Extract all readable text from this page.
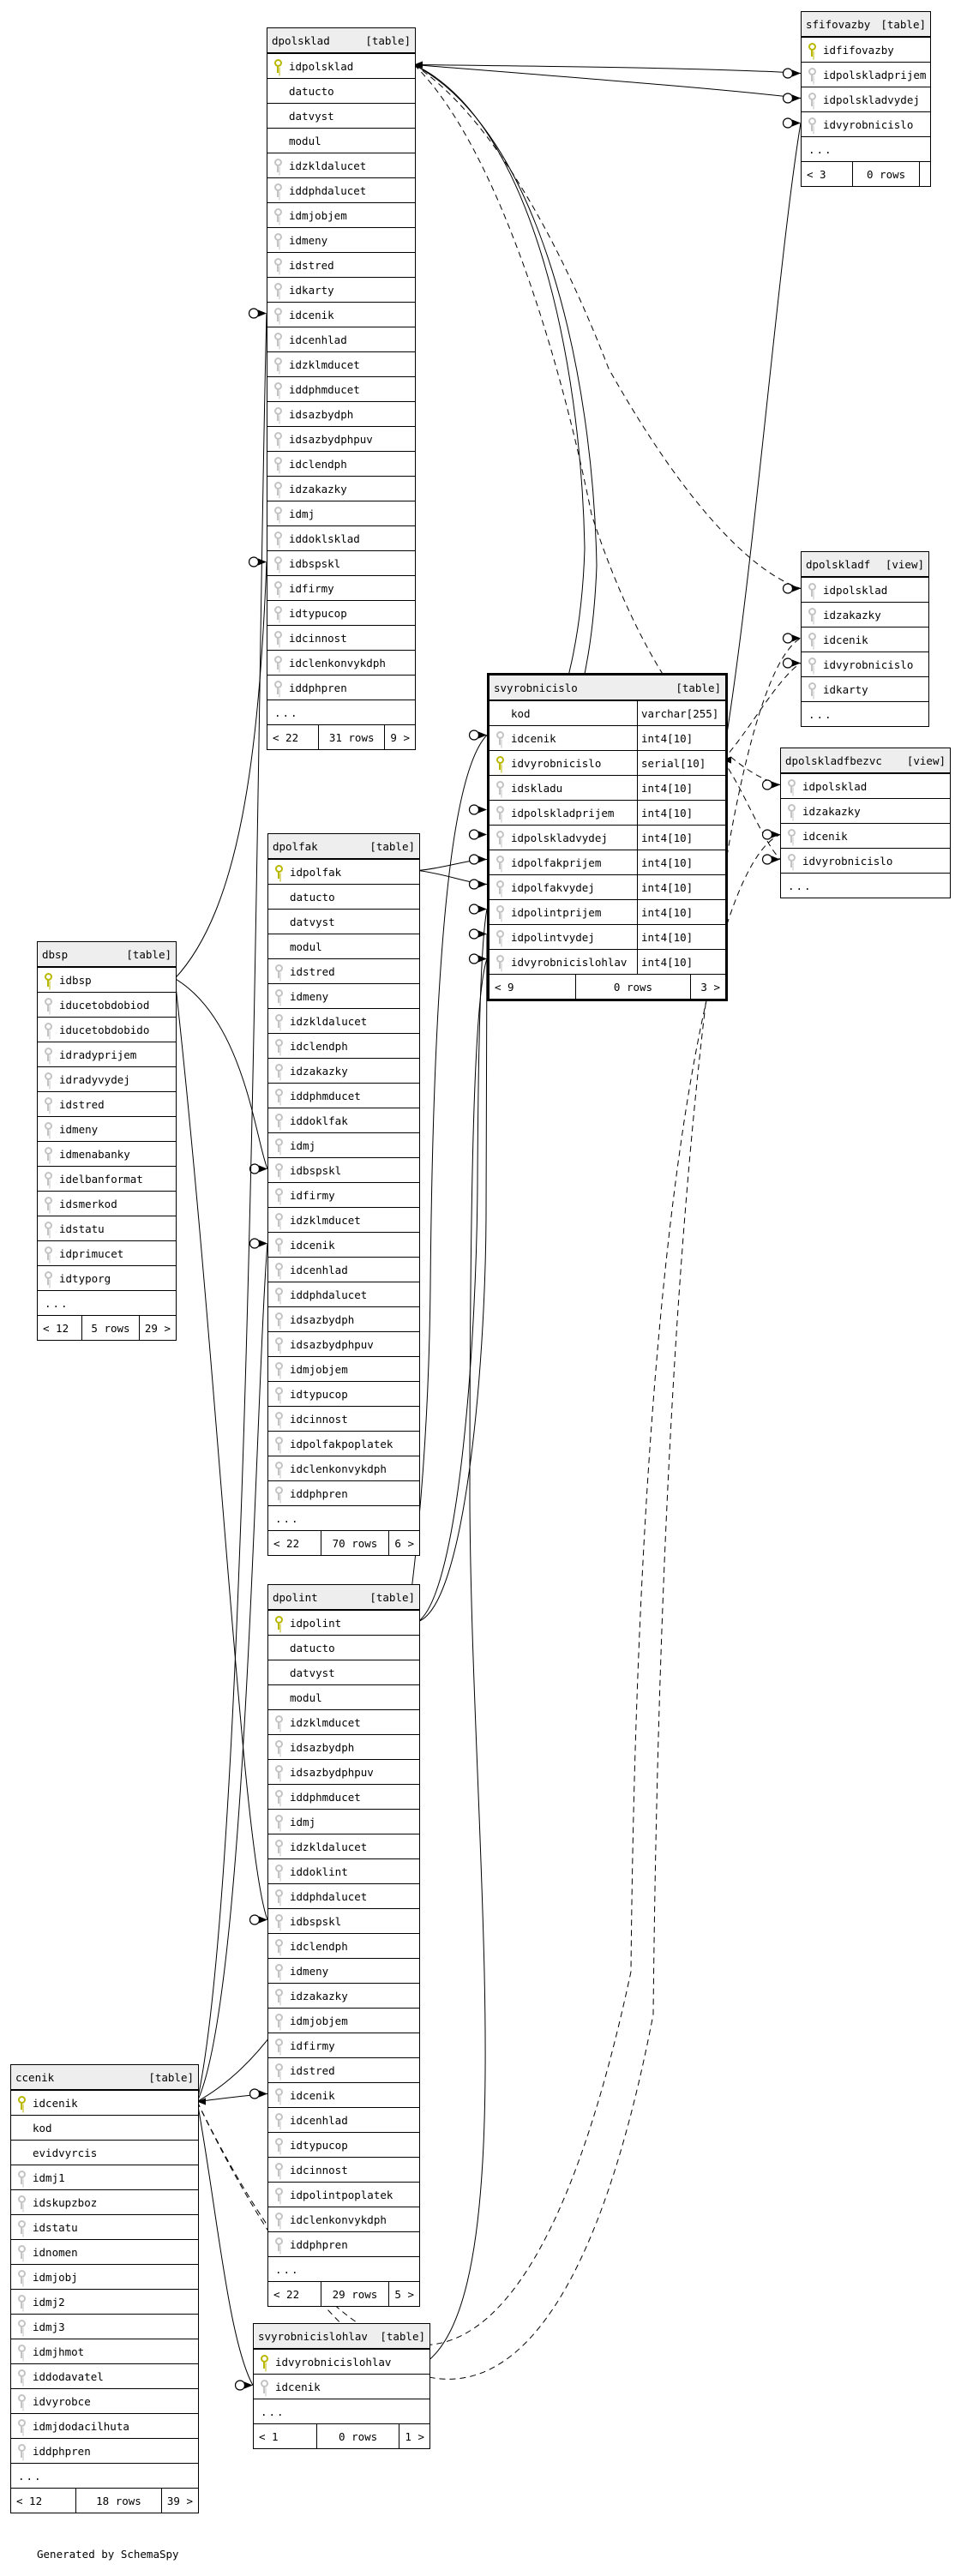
Generated by SchemaSpy
dpolsklad	[table]
idpolsklad
datucto
datvyst
modul
idzkldalucet
iddphdalucet
idmjobjem
idmeny
idstred
idkarty
idcenik
idcenhlad
idzklmducet
iddphmducet
idsazbydph
idsazbydphpuv
idclendph
idzakazky
idmj
iddoklsklad
idbspskl
idfirmy
idtypucop
idcinnost
idclenkonvykdph
iddphpren
...
< 22	31 rows	9 >
sfifovazby [table]
idfifovazby
idpolskladprijem
idpolskladvydej
idvyrobnicislo
...
< 3	0 rows
dpolskladf [view]
idpolsklad
idzakazky
idcenik
idvyrobnicislo
idkarty
...
dpolskladfbezvc [view]
idpolsklad
idzakazky
idcenik
idvyrobnicislo
...
svyrobnicislo	[table]
kod	varchar[255]
idcenik	int4[10]
idvyrobnicislo	serial[10]
idskladu	int4[10]
idpolskladprijem	int4[10]
idpolskladvydej	int4[10]
idpolfakprijem	int4[10]
idpolfakvydej	int4[10]
idpolintprijem	int4[10]
idpolintvydej	int4[10]
idvyrobnicislohlav	int4[10]
< 9	0 rows	3 >
dpolfak	[table]
idpolfak
datucto
datvyst
modul
idstred
idmeny
idzkldalucet
idclendph
idzakazky
iddphmducet
iddoklfak
idmj
idbspskl
idfirmy
idzklmducet
idcenik
idcenhlad
iddphdalucet
idsazbydph
idsazbydphpuv
idmjobjem
idtypucop
idcinnost
idpolfakpoplatek
idclenkonvykdph
iddphpren
...
< 22	70 rows	6 >
dbsp	[table]
idbsp
iducetobdobiod
iducetobdobido
idradyprijem
idradyvydej
idstred
idmeny
idmenabanky
idelbanformat
idsmerkod
idstatu
idprimucet
idtyporg
...
< 12	5 rows	29 >
dpolint	[table]
idpolint
datucto
datvyst
modul
idzklmducet
idsazbydph
idsazbydphpuv
iddphmducet
idmj
idzkldalucet
iddoklint
iddphdalucet
idbspskl
idclendph
idmeny
idzakazky
idmjobjem
idfirmy
idstred
idcenik
idcenhlad
idtypucop
idcinnost
idpolintpoplatek
idclenkonvykdph
iddphpren
...
< 22	29 rows	5 >
ccenik	[table]
idcenik
kod
evidvyrcis
idmj1
idskupzboz
idstatu
idnomen
idmjobj
idmj2
idmj3
idmjhmot
iddodavatel
idvyrobce
idmjdodacilhuta
iddphpren
...
< 12	18 rows	39 >
svyrobnicislohlav [table]
idvyrobnicislohlav
idcenik
...
< 1	0 rows	1 >
